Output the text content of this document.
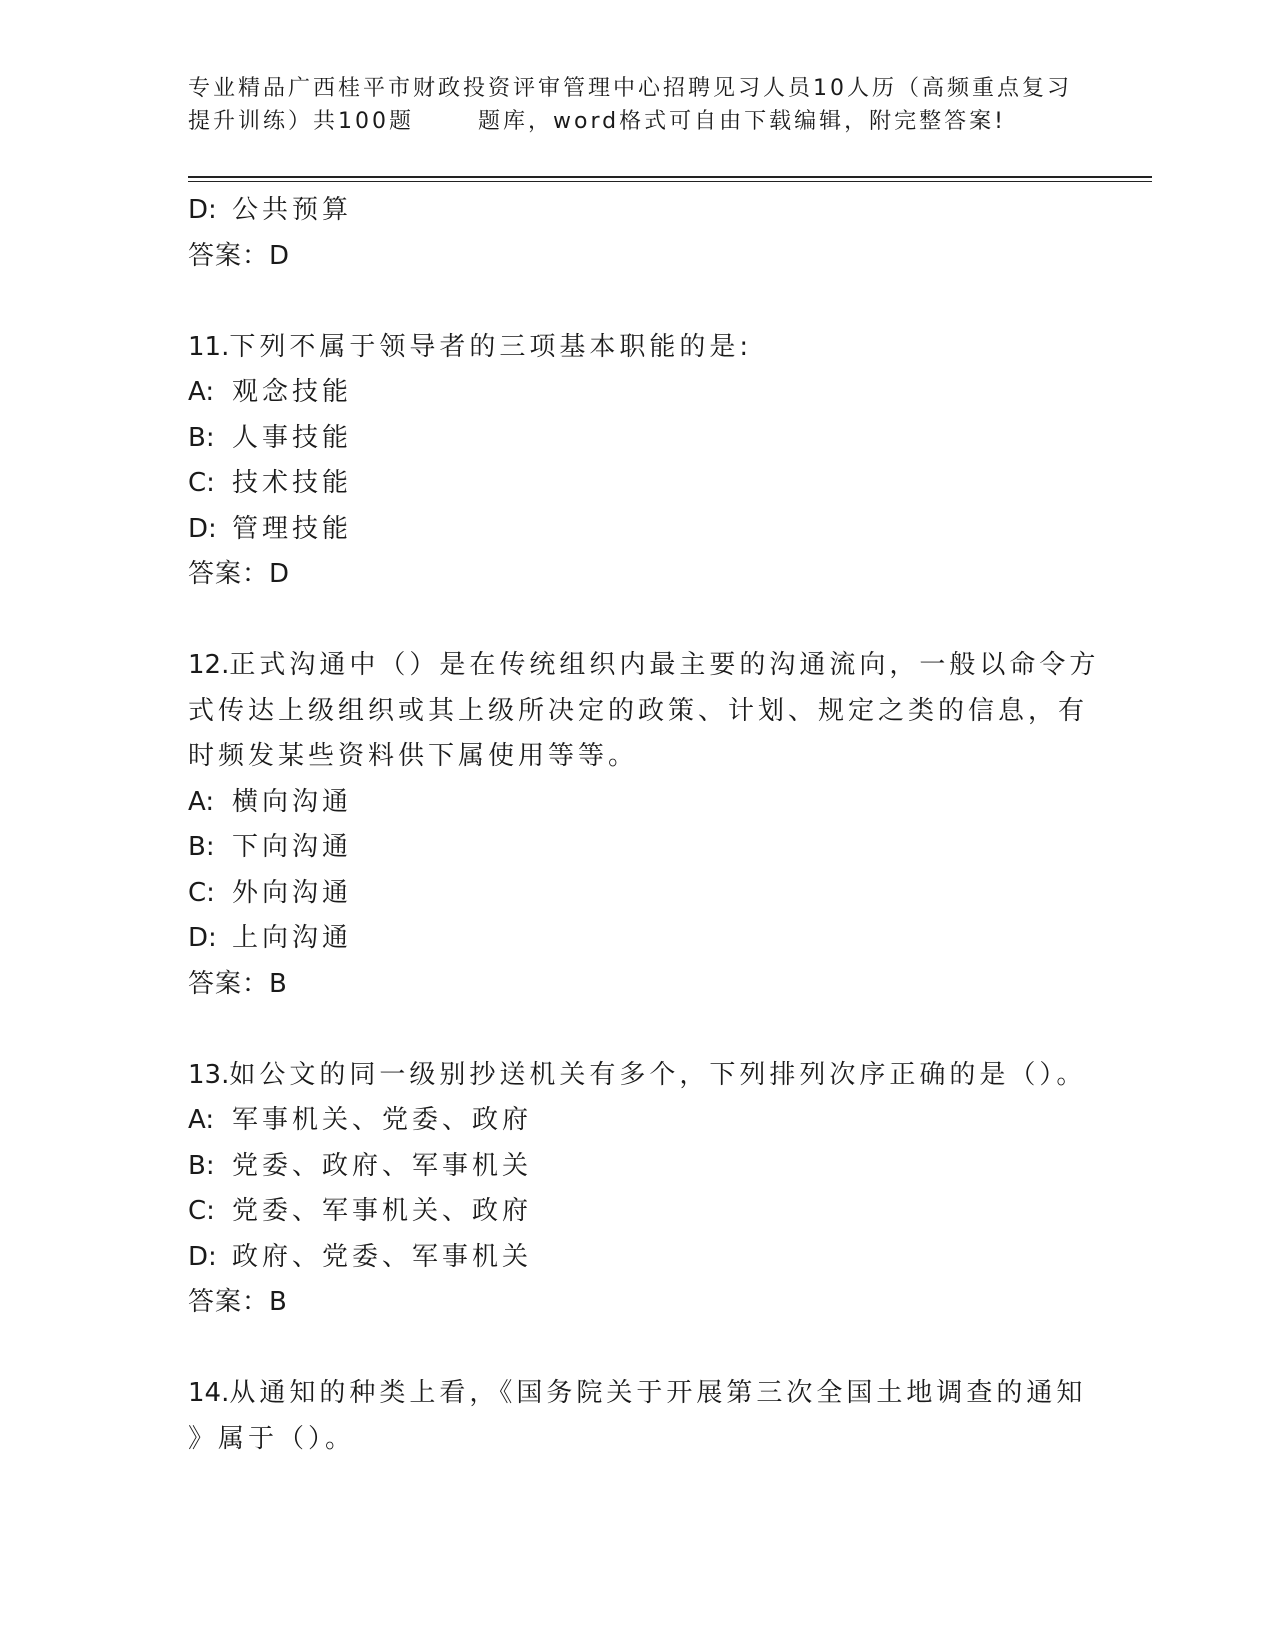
专业精品广西桂平市财政投资评审管理中心招聘见习人员10人历（高频重点复习
提升训练）共100题	题库，word格式可自由下载编辑，附完整答案!
D: 公共预算
答案：D
11.下列不属于领导者的三项基本职能的是:
A: 观念技能
B: 人事技能
C: 技术技能
D: 管理技能
答案：D
12.正式沟通中（）是在传统组织内最主要的沟通流向，一般以命令方
式传达上级组织或其上级所决定的政策、计划、规定之类的信息，有
时频发某些资料供下属使用等等。
A: 横向沟通
B: 下向沟通
C: 外向沟通
D: 上向沟通
答案：B
13.如公文的同一级别抄送机关有多个，下列排列次序正确的是（）。
A: 军事机关、党委、政府
B: 党委、政府、军事机关
C: 党委、军事机关、政府
D: 政府、党委、军事机关
答案：B
14.从通知的种类上看，《国务院关于开展第三次全国土地调查的通知
》属于（）。
